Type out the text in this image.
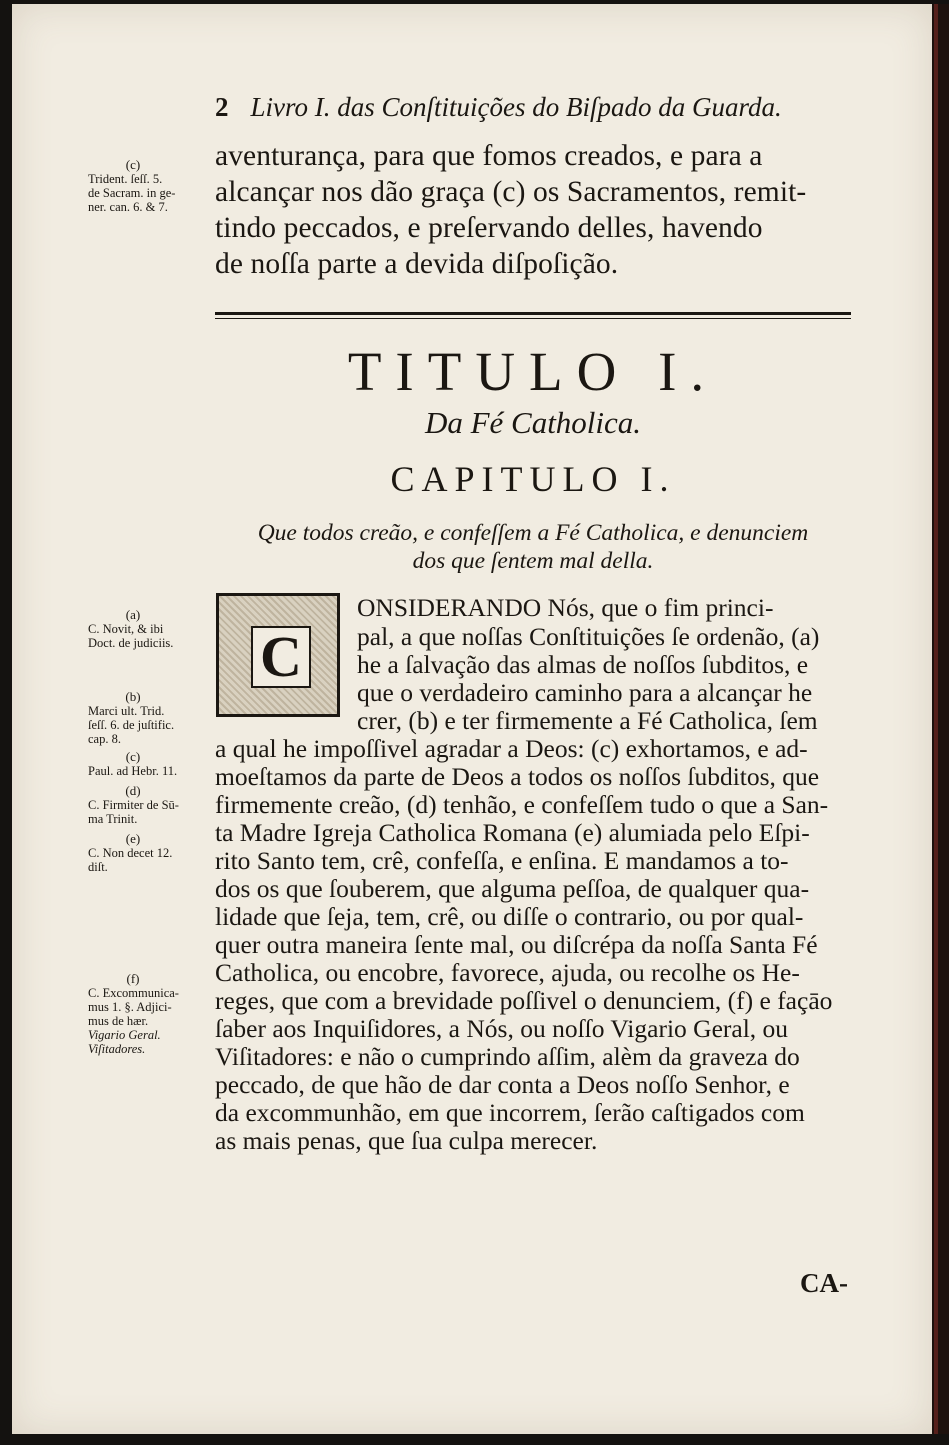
2 Livro I. das Conſtituições do Biſpado da Guarda.
aventurança, para que fomos creados, e para a
alcançar nos dão graça (c) os Sacramentos, remit-
tindo peccados, e preſervando delles, havendo
de noſſa parte a devida diſpoſição.
TITULO I.
Da Fé Catholica.
CAPITULO I.
Que todos creão, e confeſſem a Fé Catholica, e denunciem
dos que ſentem mal della.
C
ONSIDERANDO Nós, que o fim princi-
pal, a que noſſas Conſtituições ſe ordenão, (a)
he a ſalvação das almas de noſſos ſubditos, e
que o verdadeiro caminho para a alcançar he
crer, (b) e ter firmemente a Fé Catholica, ſem
a qual he impoſſivel agradar a Deos: (c) exhortamos, e ad-
moeſtamos da parte de Deos a todos os noſſos ſubditos, que
firmemente creão, (d) tenhão, e confeſſem tudo o que a San-
ta Madre Igreja Catholica Romana (e) alumiada pelo Eſpi-
rito Santo tem, crê, confeſſa, e enſina. E mandamos a to-
dos os que ſouberem, que alguma peſſoa, de qualquer qua-
lidade que ſeja, tem, crê, ou diſſe o contrario, ou por qual-
quer outra maneira ſente mal, ou diſcrépa da noſſa Santa Fé
Catholica, ou encobre, favorece, ajuda, ou recolhe os He-
reges, que com a brevidade poſſivel o denunciem, (f) e façāo
ſaber aos Inquiſidores, a Nós, ou noſſo Vigario Geral, ou
Viſitadores: e não o cumprindo aſſim, alèm da graveza do
peccado, de que hão de dar conta a Deos noſſo Senhor, e
da excommunhão, em que incorrem, ſerão caſtigados com
as mais penas, que ſua culpa merecer.
(c)
Trident. ſeſſ. 5.
de Sacram. in ge-
ner. can. 6. & 7.
(a)
C. Novit, & ibi
Doct. de judiciis.
(b)
Marci ult. Trid.
ſeſſ. 6. de juſtific.
cap. 8.
(c)
Paul. ad Hebr. 11.
(d)
C. Firmiter de Sū-
ma Trinit.
(e)
C. Non decet 12.
diſt.
(f)
C. Excommunica-
mus 1. §. Adjici-
mus de hær.
Vigario Geral.
Viſitadores.
CA-
